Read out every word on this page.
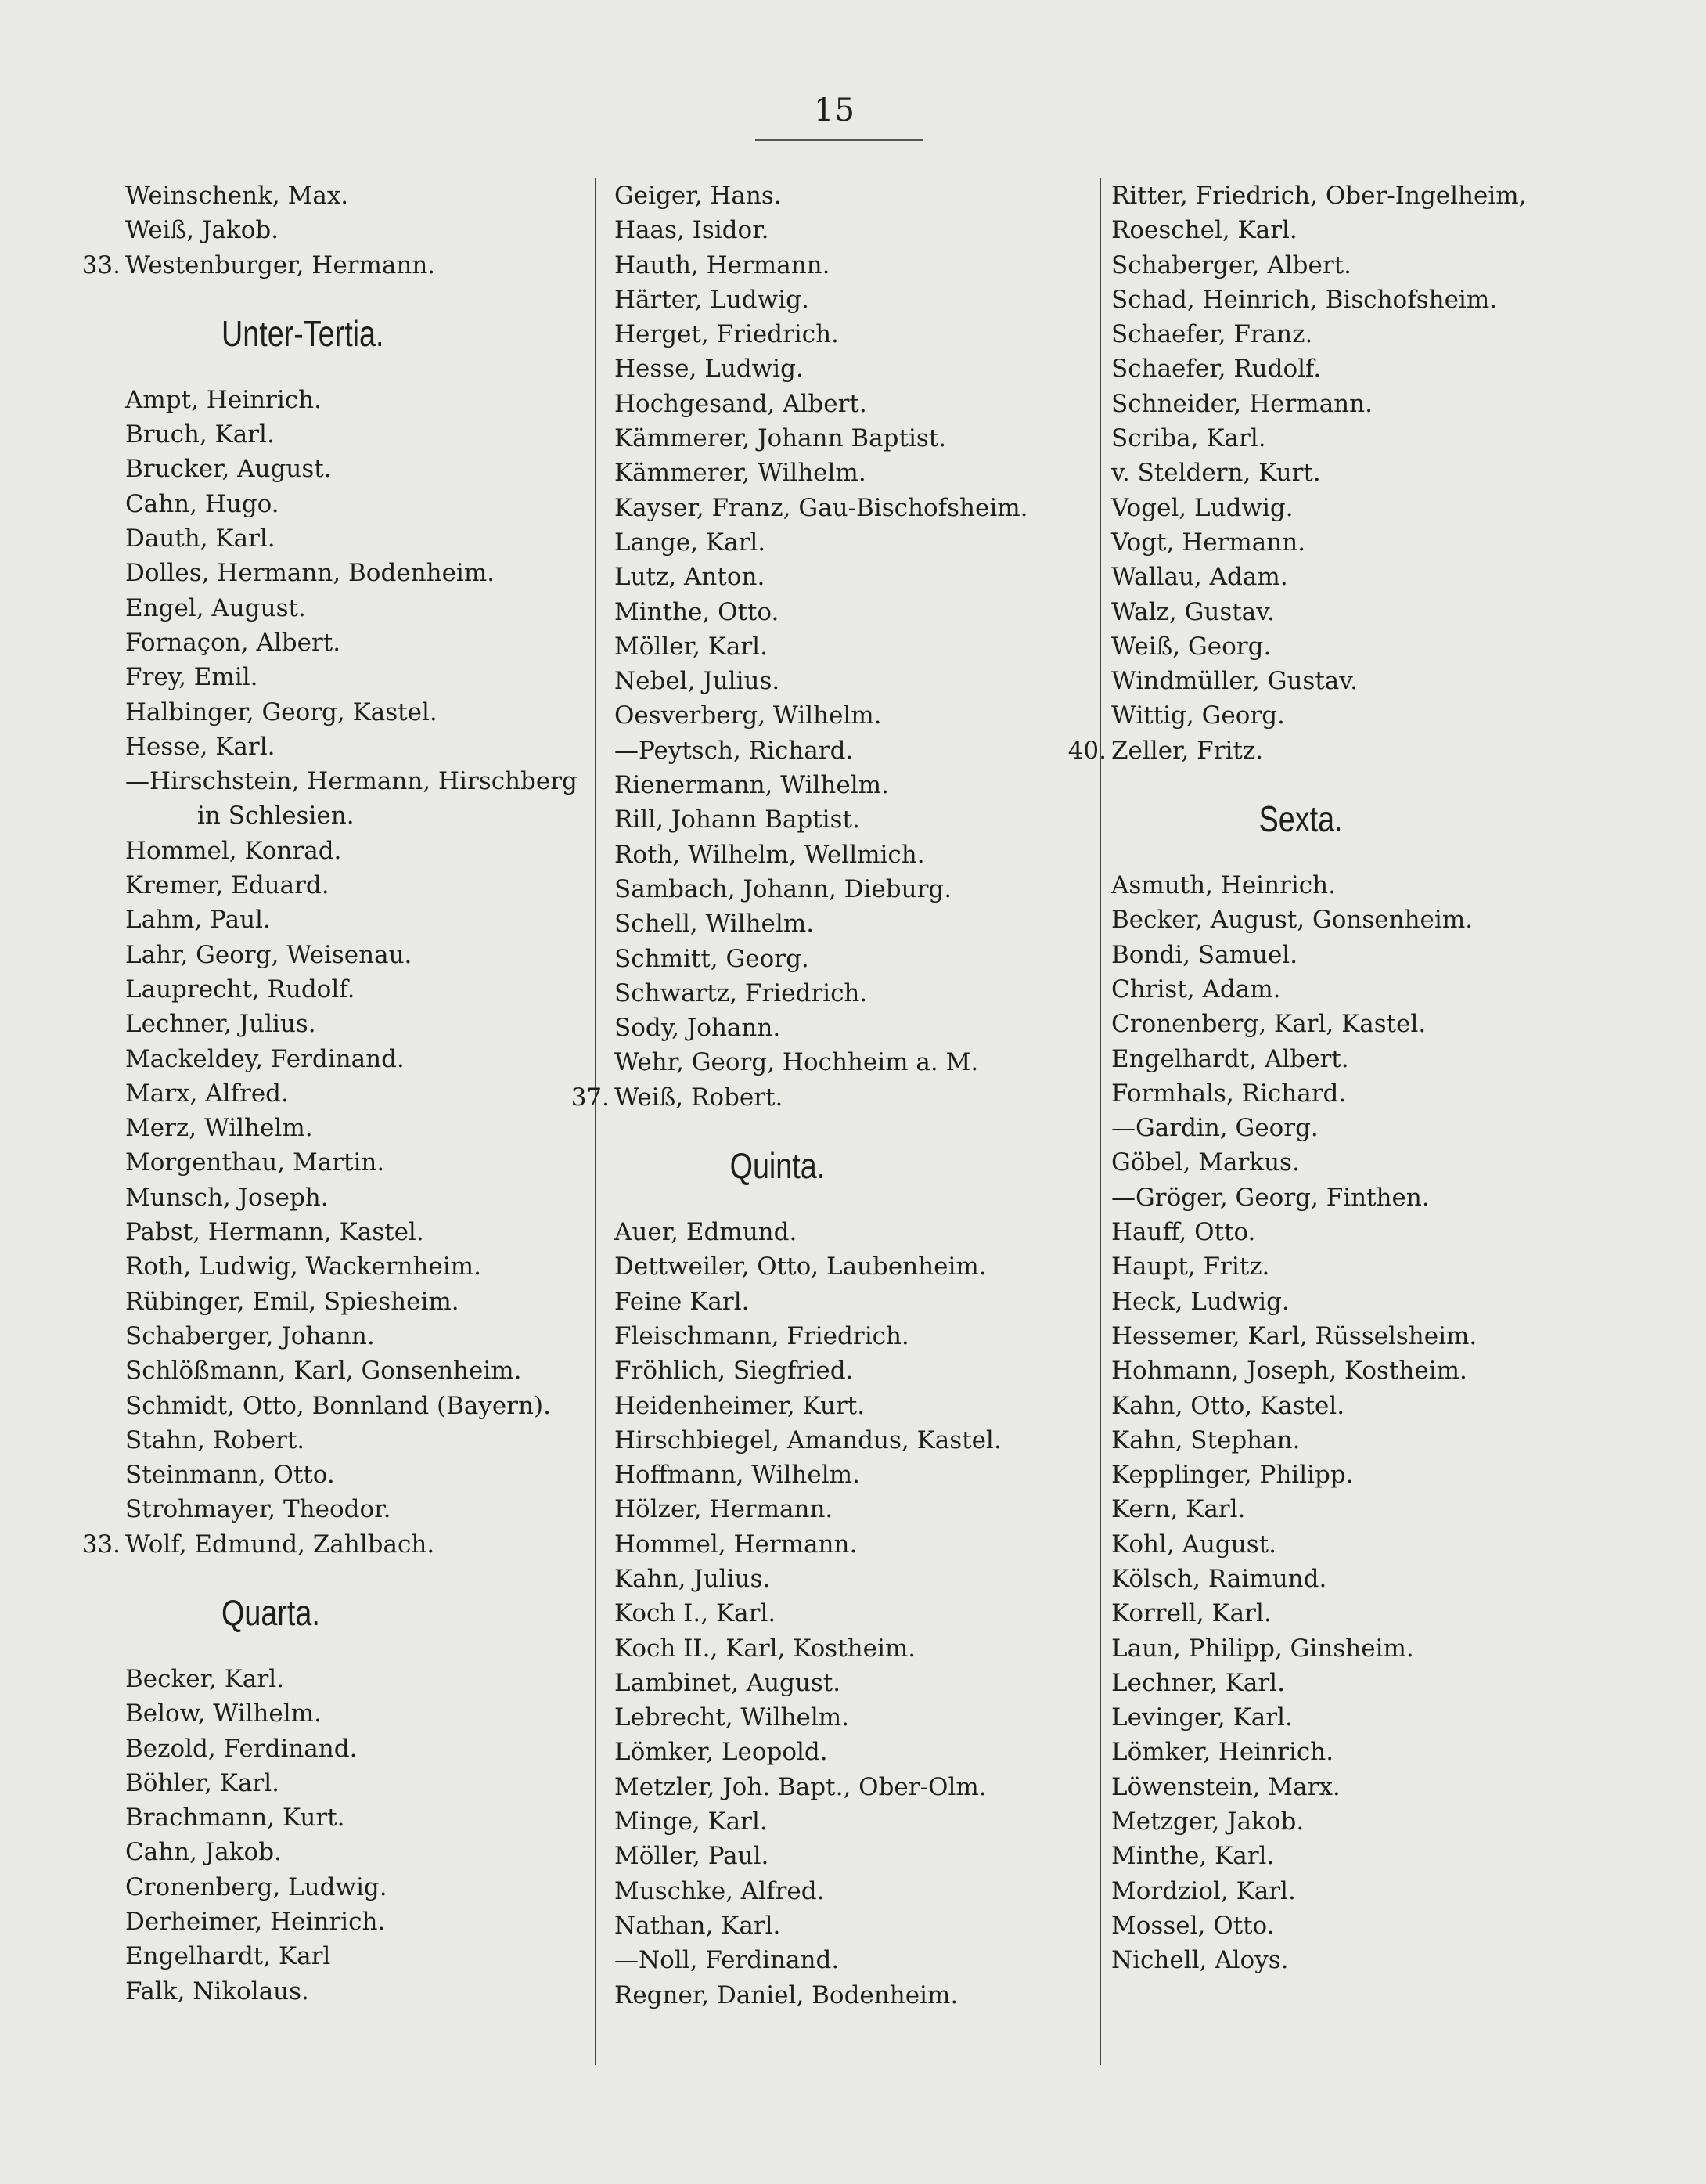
15
Weinschenk, Max.
Weiß, Jakob.
33. Westenburger, Hermann.
Unter-Tertia.
Ampt, Heinrich.
Bruch, Karl.
Brucker, August.
Cahn, Hugo.
Dauth, Karl.
Dolles, Hermann, Bodenheim.
Engel, August.
Fornaçon, Albert.
Frey, Emil.
Halbinger, Georg, Kastel.
Hesse, Karl.
—Hirschstein, Hermann, Hirschberg
in Schlesien.
Hommel, Konrad.
Kremer, Eduard.
Lahm, Paul.
Lahr, Georg, Weisenau.
Lauprecht, Rudolf.
Lechner, Julius.
Mackeldey, Ferdinand.
Marx, Alfred.
Merz, Wilhelm.
Morgenthau, Martin.
Munsch, Joseph.
Pabst, Hermann, Kastel.
Roth, Ludwig, Wackernheim.
Rübinger, Emil, Spiesheim.
Schaberger, Johann.
Schlößmann, Karl, Gonsenheim.
Schmidt, Otto, Bonnland (Bayern).
Stahn, Robert.
Steinmann, Otto.
Strohmayer, Theodor.
33. Wolf, Edmund, Zahlbach.
Quarta.
Becker, Karl.
Below, Wilhelm.
Bezold, Ferdinand.
Böhler, Karl.
Brachmann, Kurt.
Cahn, Jakob.
Cronenberg, Ludwig.
Derheimer, Heinrich.
Engelhardt, Karl
Falk, Nikolaus.
Geiger, Hans.
Haas, Isidor.
Hauth, Hermann.
Härter, Ludwig.
Herget, Friedrich.
Hesse, Ludwig.
Hochgesand, Albert.
Kämmerer, Johann Baptist.
Kämmerer, Wilhelm.
Kayser, Franz, Gau-Bischofsheim.
Lange, Karl.
Lutz, Anton.
Minthe, Otto.
Möller, Karl.
Nebel, Julius.
Oesverberg, Wilhelm.
—Peytsch, Richard.
Rienermann, Wilhelm.
Rill, Johann Baptist.
Roth, Wilhelm, Wellmich.
Sambach, Johann, Dieburg.
Schell, Wilhelm.
Schmitt, Georg.
Schwartz, Friedrich.
Sody, Johann.
Wehr, Georg, Hochheim a. M.
37. Weiß, Robert.
Quinta.
Auer, Edmund.
Dettweiler, Otto, Laubenheim.
Feine Karl.
Fleischmann, Friedrich.
Fröhlich, Siegfried.
Heidenheimer, Kurt.
Hirschbiegel, Amandus, Kastel.
Hoffmann, Wilhelm.
Hölzer, Hermann.
Hommel, Hermann.
Kahn, Julius.
Koch I., Karl.
Koch II., Karl, Kostheim.
Lambinet, August.
Lebrecht, Wilhelm.
Lömker, Leopold.
Metzler, Joh. Bapt., Ober-Olm.
Minge, Karl.
Möller, Paul.
Muschke, Alfred.
Nathan, Karl.
—Noll, Ferdinand.
Regner, Daniel, Bodenheim.
Ritter, Friedrich, Ober-Ingelheim,
Roeschel, Karl.
Schaberger, Albert.
Schad, Heinrich, Bischofsheim.
Schaefer, Franz.
Schaefer, Rudolf.
Schneider, Hermann.
Scriba, Karl.
v. Steldern, Kurt.
Vogel, Ludwig.
Vogt, Hermann.
Wallau, Adam.
Walz, Gustav.
Weiß, Georg.
Windmüller, Gustav.
Wittig, Georg.
40. Zeller, Fritz.
Sexta.
Asmuth, Heinrich.
Becker, August, Gonsenheim.
Bondi, Samuel.
Christ, Adam.
Cronenberg, Karl, Kastel.
Engelhardt, Albert.
Formhals, Richard.
—Gardin, Georg.
Göbel, Markus.
—Gröger, Georg, Finthen.
Hauff, Otto.
Haupt, Fritz.
Heck, Ludwig.
Hessemer, Karl, Rüsselsheim.
Hohmann, Joseph, Kostheim.
Kahn, Otto, Kastel.
Kahn, Stephan.
Kepplinger, Philipp.
Kern, Karl.
Kohl, August.
Kölsch, Raimund.
Korrell, Karl.
Laun, Philipp, Ginsheim.
Lechner, Karl.
Levinger, Karl.
Lömker, Heinrich.
Löwenstein, Marx.
Metzger, Jakob.
Minthe, Karl.
Mordziol, Karl.
Mossel, Otto.
Nichell, Aloys.
